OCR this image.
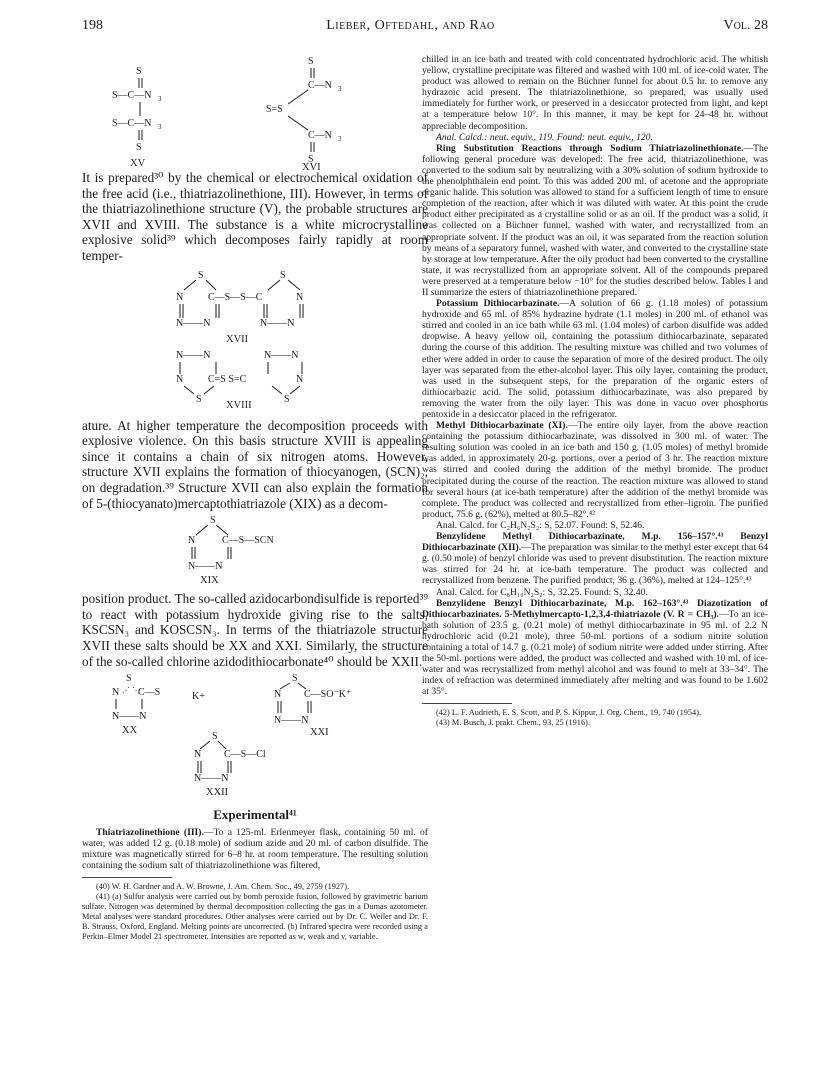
198	Lieber, Oftedahl, and Rao	Vol. 28
S
S—C—N 3
S—C—N 3
S
XV
S
C—N 3
S=S
C—N 3
S
XVI

It is prepared³⁰ by the chemical or electrochemical oxidation of the free acid (i.e., thiatriazolinethione, III). However, in terms of the thiatriazolinethione structure (V), the probable structures are XVII and XVIII. The substance is a white microcrystalline explosive solid³⁹ which decomposes fairly rapidly at room temper-

S	S
N C—S—S—C	N
N——N	N——N
XVII
N——N	N——N
N C=S S=C	N
S	S
XVIII

ature. At higher temperature the decomposition proceeds with explosive violence. On this basis structure XVIII is appealing since it contains a chain of six nitrogen atoms. However, structure XVII explains the formation of thiocyanogen, (SCN)₂, on degradation.³⁹ Structure XVII can also explain the formation of 5-(thiocyanato)mercaptothiatriazole (XIX) as a decom-

S
N	C—S—SCN
N——N
XIX

position product. The so-called azidocarbondisulfide is reported³⁹ to react with potassium hydroxide giving rise to the salts, KSCSN₃ and KOSCSN₃. In terms of the thiatriazole structure XVII these salts should be XX and XXI. Similarly, the structure of the so-called chlorine azidodithiocarbonate⁴⁰ should be XXII.

S
N C—S
⋰ ⋱
N——N
XX
K+
S
N C—SO⁻K⁺
N——N
XXI
S
N C—S—Cl
N——N
XXII
Experimental⁴¹

Thiatriazolinethione (III).—To a 125-ml. Erlenmeyer flask, containing 50 ml. of water, was added 12 g. (0.18 mole) of sodium azide and 20 ml. of carbon disulfide. The mixture was magnetically stirred for 6–8 hr. at room temperature. The resulting solution containing the sodium salt of thiatriazolinethione was filtered,

(40) W. H. Gardner and A. W. Browne, J. Am. Chem. Soc., 49, 2759 (1927).

(41) (a) Sulfur analysis were carried out by bomb peroxide fusion, followed by gravimetric barium sulfate. Nitrogen was determined by thermal decomposition collecting the gas in a Dumas azotometer. Metal analyses were standard procedures. Other analyses were carried out by Dr. C. Weiler and Dr. F. B. Strauss, Oxford, England. Melting points are uncorrected. (b) Infrared spectra were recorded using a Perkin–Elmer Model 21 spectrometer. Intensities are reported as w, weak and v, variable.

chilled in an ice bath and treated with cold concentrated hydrochloric acid. The whitish yellow, crystalline precipitate was filtered and washed with 100 ml. of ice-cold water. The product was allowed to remain on the Büchner funnel for about 0.5 hr. to remove any hydrazoic acid present. The thiatriazolinethione, so prepared, was usually used immediately for further work, or preserved in a desiccator protected from light, and kept at a temperature below 10°. In this manner, it may be kept for 24–48 hr. without appreciable decomposition.

Anal. Calcd.: neut. equiv., 119. Found: neut. equiv., 120.

Ring Substitution Reactions through Sodium Thiatriazolinethionate.—The following general procedure was developed: The free acid, thiatriazolinethione, was converted to the sodium salt by neutralizing with a 30% solution of sodium hydroxide to the phenolphthalein end point. To this was added 200 ml. of acetone and the appropriate organic halide. This solution was allowed to stand for a sufficient length of time to ensure completion of the reaction, after which it was diluted with water. At this point the crude product either precipitated as a crystalline solid or as an oil. If the product was a solid, it was collected on a Büchner funnel, washed with water, and recrystallized from an appropriate solvent. If the product was an oil, it was separated from the reaction solution by means of a separatory funnel, washed with water, and converted to the crystalline state by storage at low temperature. After the oily product had been converted to the crystalline state, it was recrystallized from an appropriate solvent. All of the compounds prepared were preserved at a temperature below −10° for the studies described below. Tables I and II summarize the esters of thiatriazolinethione prepared.

Potassium Dithiocarbazinate.—A solution of 66 g. (1.18 moles) of potassium hydroxide and 65 ml. of 85% hydrazine hydrate (1.1 moles) in 200 ml. of ethanol was stirred and cooled in an ice bath while 63 ml. (1.04 moles) of carbon disulfide was added dropwise. A heavy yellow oil, containing the potassium dithiocarbazinate, separated during the course of this addition. The resulting mixture was chilled and two volumes of ether were added in order to cause the separation of more of the desired product. The oily layer was separated from the ether-alcohol layer. This oily layer, containing the product, was used in the subsequent steps, for the preparation of the organic esters of dithiocarbazic acid. The solid, potassium dithiocarbazinate, was also prepared by removing the water from the oily layer. This was done in vacuo over phosphorus pentoxide in a desiccator placed in the refrigerator.

Methyl Dithiocarbazinate (XI).—The entire oily layer, from the above reaction containing the potassium dithiocarbazinate, was dissolved in 300 ml. of water. The resulting solution was cooled in an ice bath and 150 g. (1.05 moles) of methyl bromide was added, in approximately 20-g. portions, over a period of 3 hr. The reaction mixture was stirred and cooled during the addition of the methyl bromide. The product precipitated during the course of the reaction. The reaction mixture was allowed to stand for several hours (at ice-bath temperature) after the addition of the methyl bromide was complete. The product was collected and recrystallized from ether–ligroin. The purified product, 75.6 g. (62%), melted at 80.5–82°.⁴²

Anal. Calcd. for C₂H₆N₂S₂: S, 52.07. Found: S, 52.46.

Benzylidene Methyl Dithiocarbazinate, M.p. 156–157°.⁴³ Benzyl Dithiocarbazinate (XII).—The preparation was similar to the methyl ester except that 64 g. (0.50 mole) of benzyl chloride was used to prevent disubstitution. The reaction mixture was stirred for 24 hr. at ice-bath temperature. The product was collected and recrystallized from benzene. The purified product, 36 g. (36%), melted at 124–125°.⁴³

Anal. Calcd. for C₈H₁₀N₂S₂: S, 32.25. Found: S, 32.40.

Benzylidene Benzyl Dithiocarbazinate, M.p. 162–163°.⁴³ Diazotization of Dithiocarbazinates. 5-Methylmercapto-1,2,3,4-thiatriazole (V. R = CH₃).—To an ice-bath solution of 23.5 g. (0.21 mole) of methyl dithiocarbazinate in 95 ml. of 2.2 N hydrochloric acid (0.21 mole), three 50-ml. portions of a sodium nitrite solution containing a total of 14.7 g. (0.21 mole) of sodium nitrite were added under stirring. After the 50-ml. portions were added, the product was collected and washed with 10 ml. of ice-water and was recrystallized from methyl alcohol and was found to melt at 33–34°. The index of refraction was determined immediately after melting and was found to be 1.602 at 35°.

(42) L. F. Audrieth, E. S. Scott, and P. S. Kippur, J. Org. Chem., 19, 740 (1954).

(43) M. Busch, J. prakt. Chem., 93, 25 (1916).
